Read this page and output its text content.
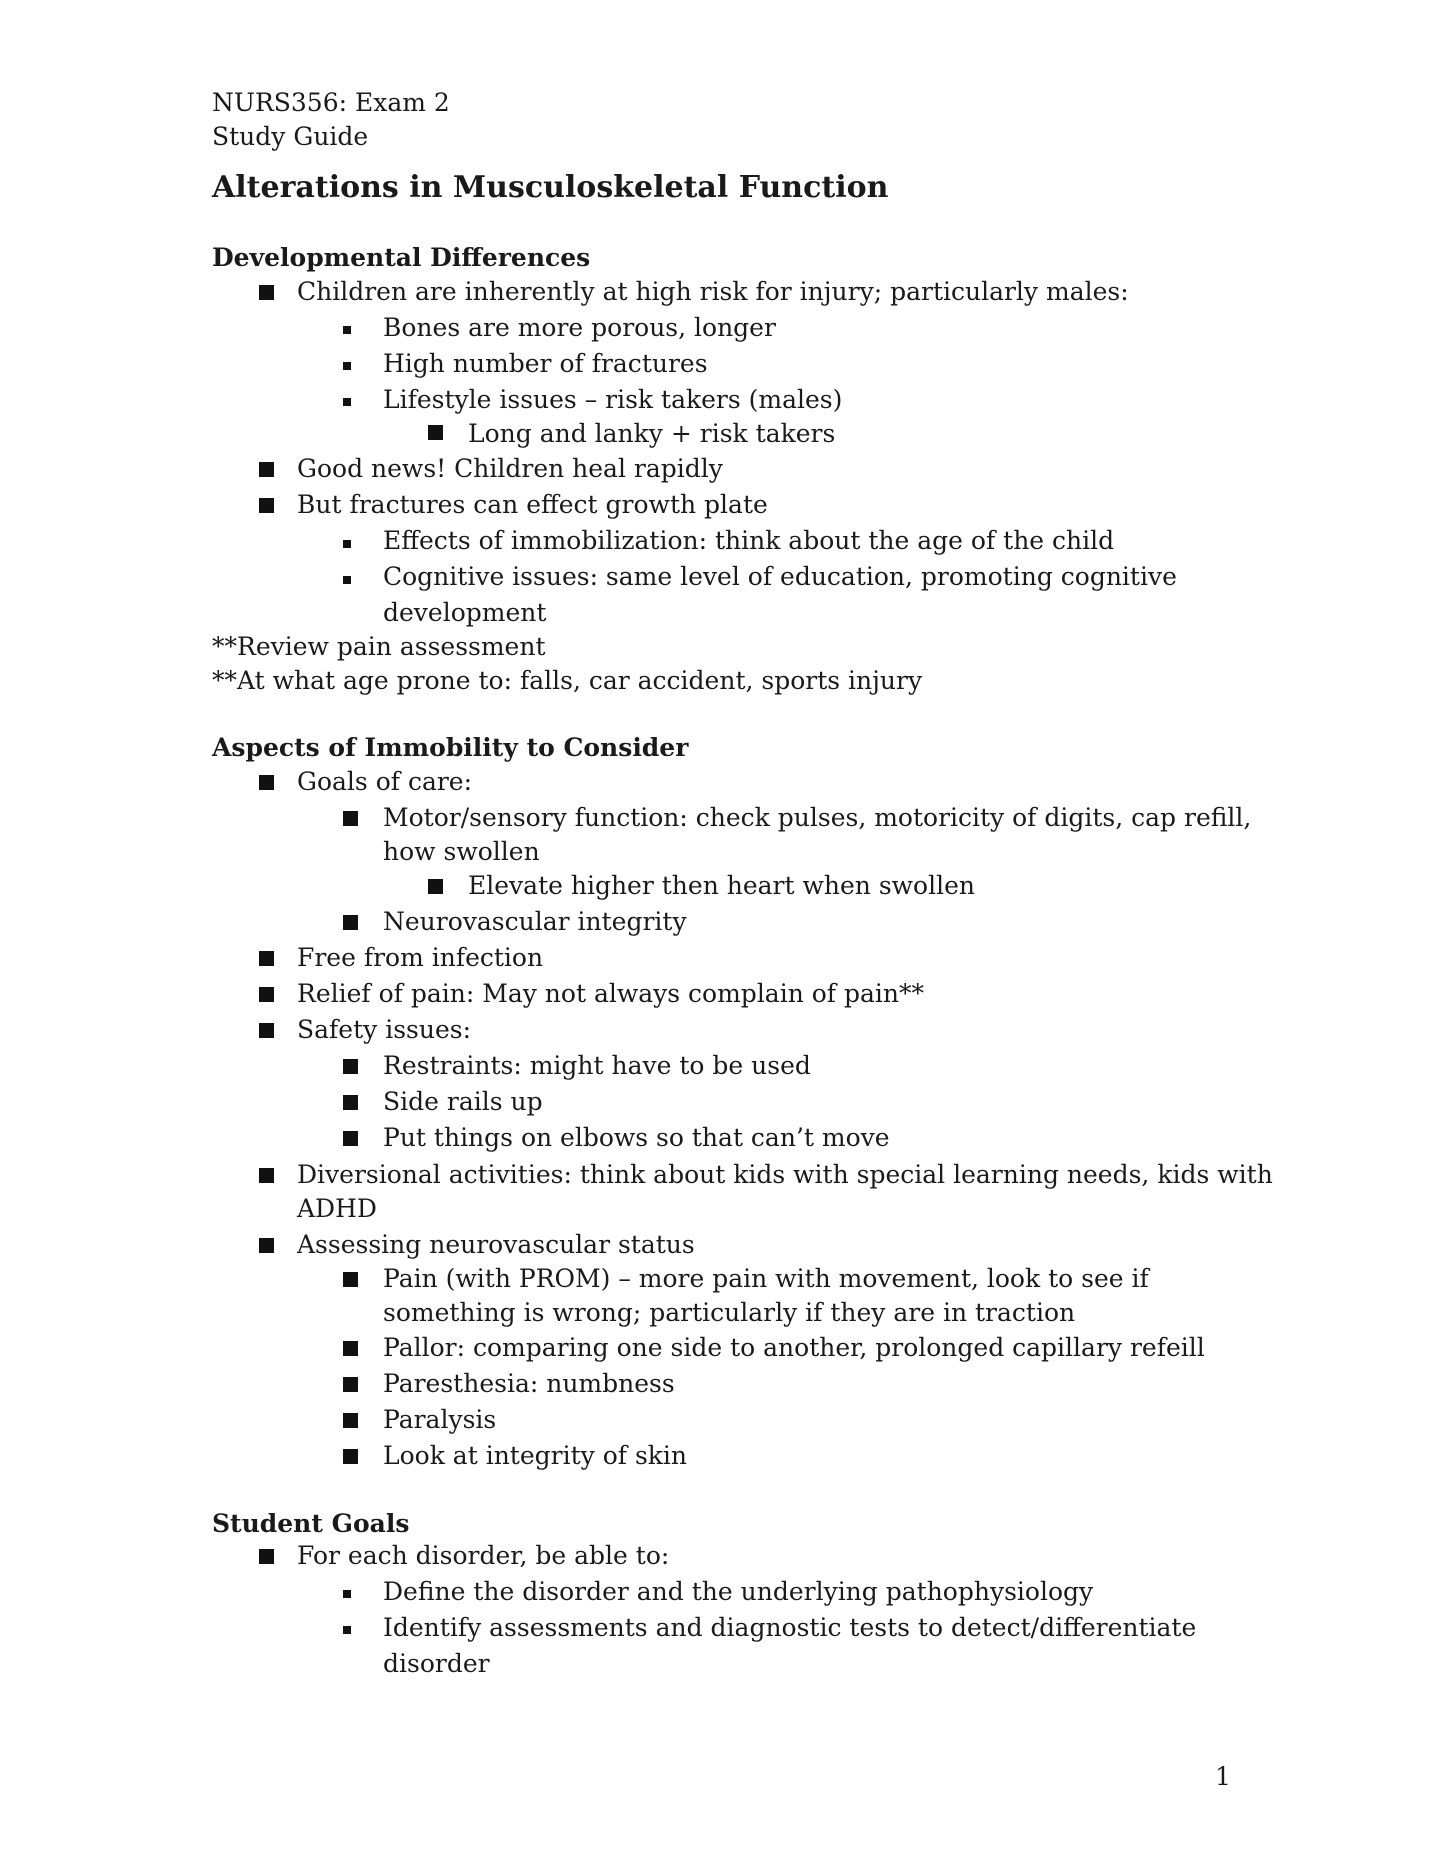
NURS356: Exam 2
Study Guide
Alterations in Musculoskeletal Function
Developmental Differences
Children are inherently at high risk for injury; particularly males:
Bones are more porous, longer
High number of fractures
Lifestyle issues – risk takers (males)
Long and lanky + risk takers
Good news! Children heal rapidly
But fractures can effect growth plate
Effects of immobilization: think about the age of the child
Cognitive issues: same level of education, promoting cognitive
development
**Review pain assessment
**At what age prone to: falls, car accident, sports injury
Aspects of Immobility to Consider
Goals of care:
Motor/sensory function: check pulses, motoricity of digits, cap refill,
how swollen
Elevate higher then heart when swollen
Neurovascular integrity
Free from infection
Relief of pain: May not always complain of pain**
Safety issues:
Restraints: might have to be used
Side rails up
Put things on elbows so that can’t move
Diversional activities: think about kids with special learning needs, kids with
ADHD
Assessing neurovascular status
Pain (with PROM) – more pain with movement, look to see if
something is wrong; particularly if they are in traction
Pallor: comparing one side to another, prolonged capillary refeill
Paresthesia: numbness
Paralysis
Look at integrity of skin
Student Goals
For each disorder, be able to:
Define the disorder and the underlying pathophysiology
Identify assessments and diagnostic tests to detect/differentiate
disorder
1
